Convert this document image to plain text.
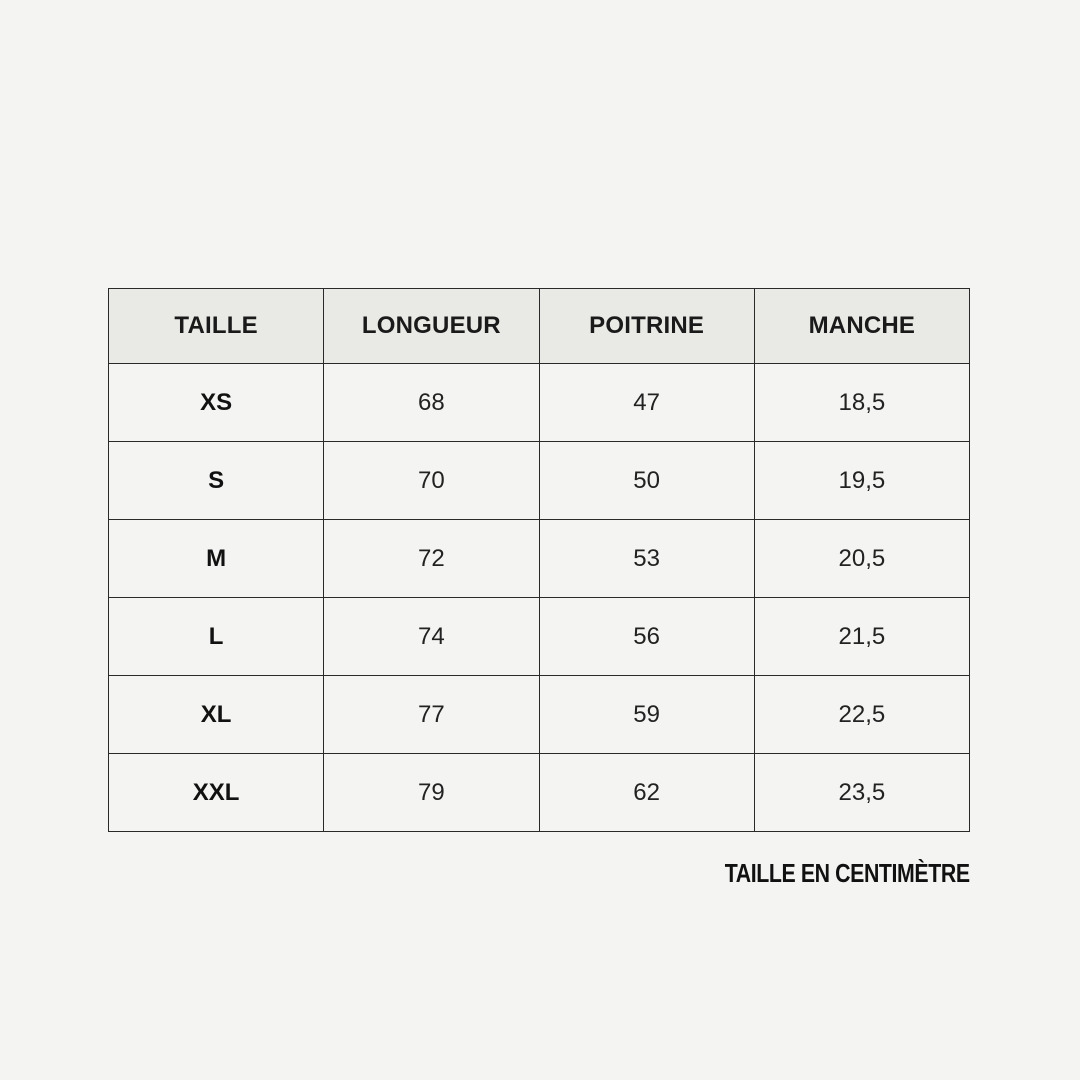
TAILLE	LONGUEUR	POITRINE	MANCHE
XS	68	47	18,5
S	70	50	19,5
M	72	53	20,5
L	74	56	21,5
XL	77	59	22,5
XXL	79	62	23,5
TAILLE EN CENTIMÈTRE
